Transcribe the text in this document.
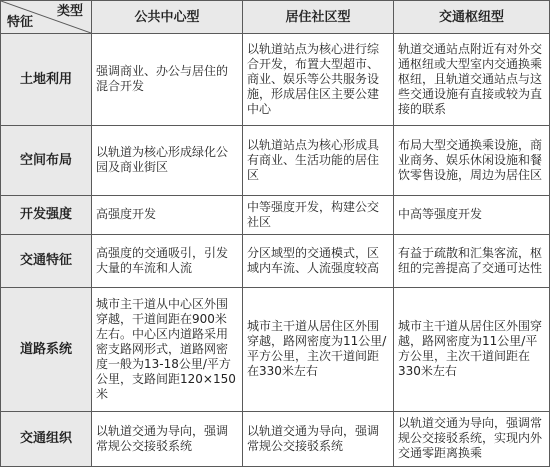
类型
特征	公共中心型	居住社区型	交通枢纽型
土地利用	强调商业、办公与居住的混合开发	以轨道站点为核心进行综合开发，布置大型超市、商业、娱乐等公共服务设施，形成居住区主要公建中心	轨道交通站点附近有对外交通枢纽或大型室内交通换乘枢纽，且轨道交通站点与这些交通设施有直接或较为直接的联系
空间布局	以轨道为核心形成绿化公园及商业街区	以轨道站点为核心形成具有商业、生活功能的居住区	布局大型交通换乘设施，商业商务、娱乐休闲设施和餐饮零售设施，周边为居住区
开发强度	高强度开发	中等强度开发，构建公交社区	中高等强度开发
交通特征	高强度的交通吸引，引发大量的车流和人流	分区域型的交通模式，区域内车流、人流强度较高	有益于疏散和汇集客流，枢纽的完善提高了交通可达性
道路系统	城市主干道从中心区外围穿越，干道间距在900米左右。中心区内道路采用密支路网形式，道路网密度一般为13-18公里/平方公里，支路间距120×150米	城市主干道从居住区外围穿越，路网密度为11公里/平方公里，主次干道间距在330米左右	城市主干道从居住区外围穿越，路网密度为11公里/平方公里，主次干道间距在330米左右
交通组织	以轨道交通为导向，强调常规公交接驳系统	以轨道交通为导向，强调常规公交接驳系统	以轨道交通为导向，强调常规公交接驳系统，实现内外交通零距离换乘
